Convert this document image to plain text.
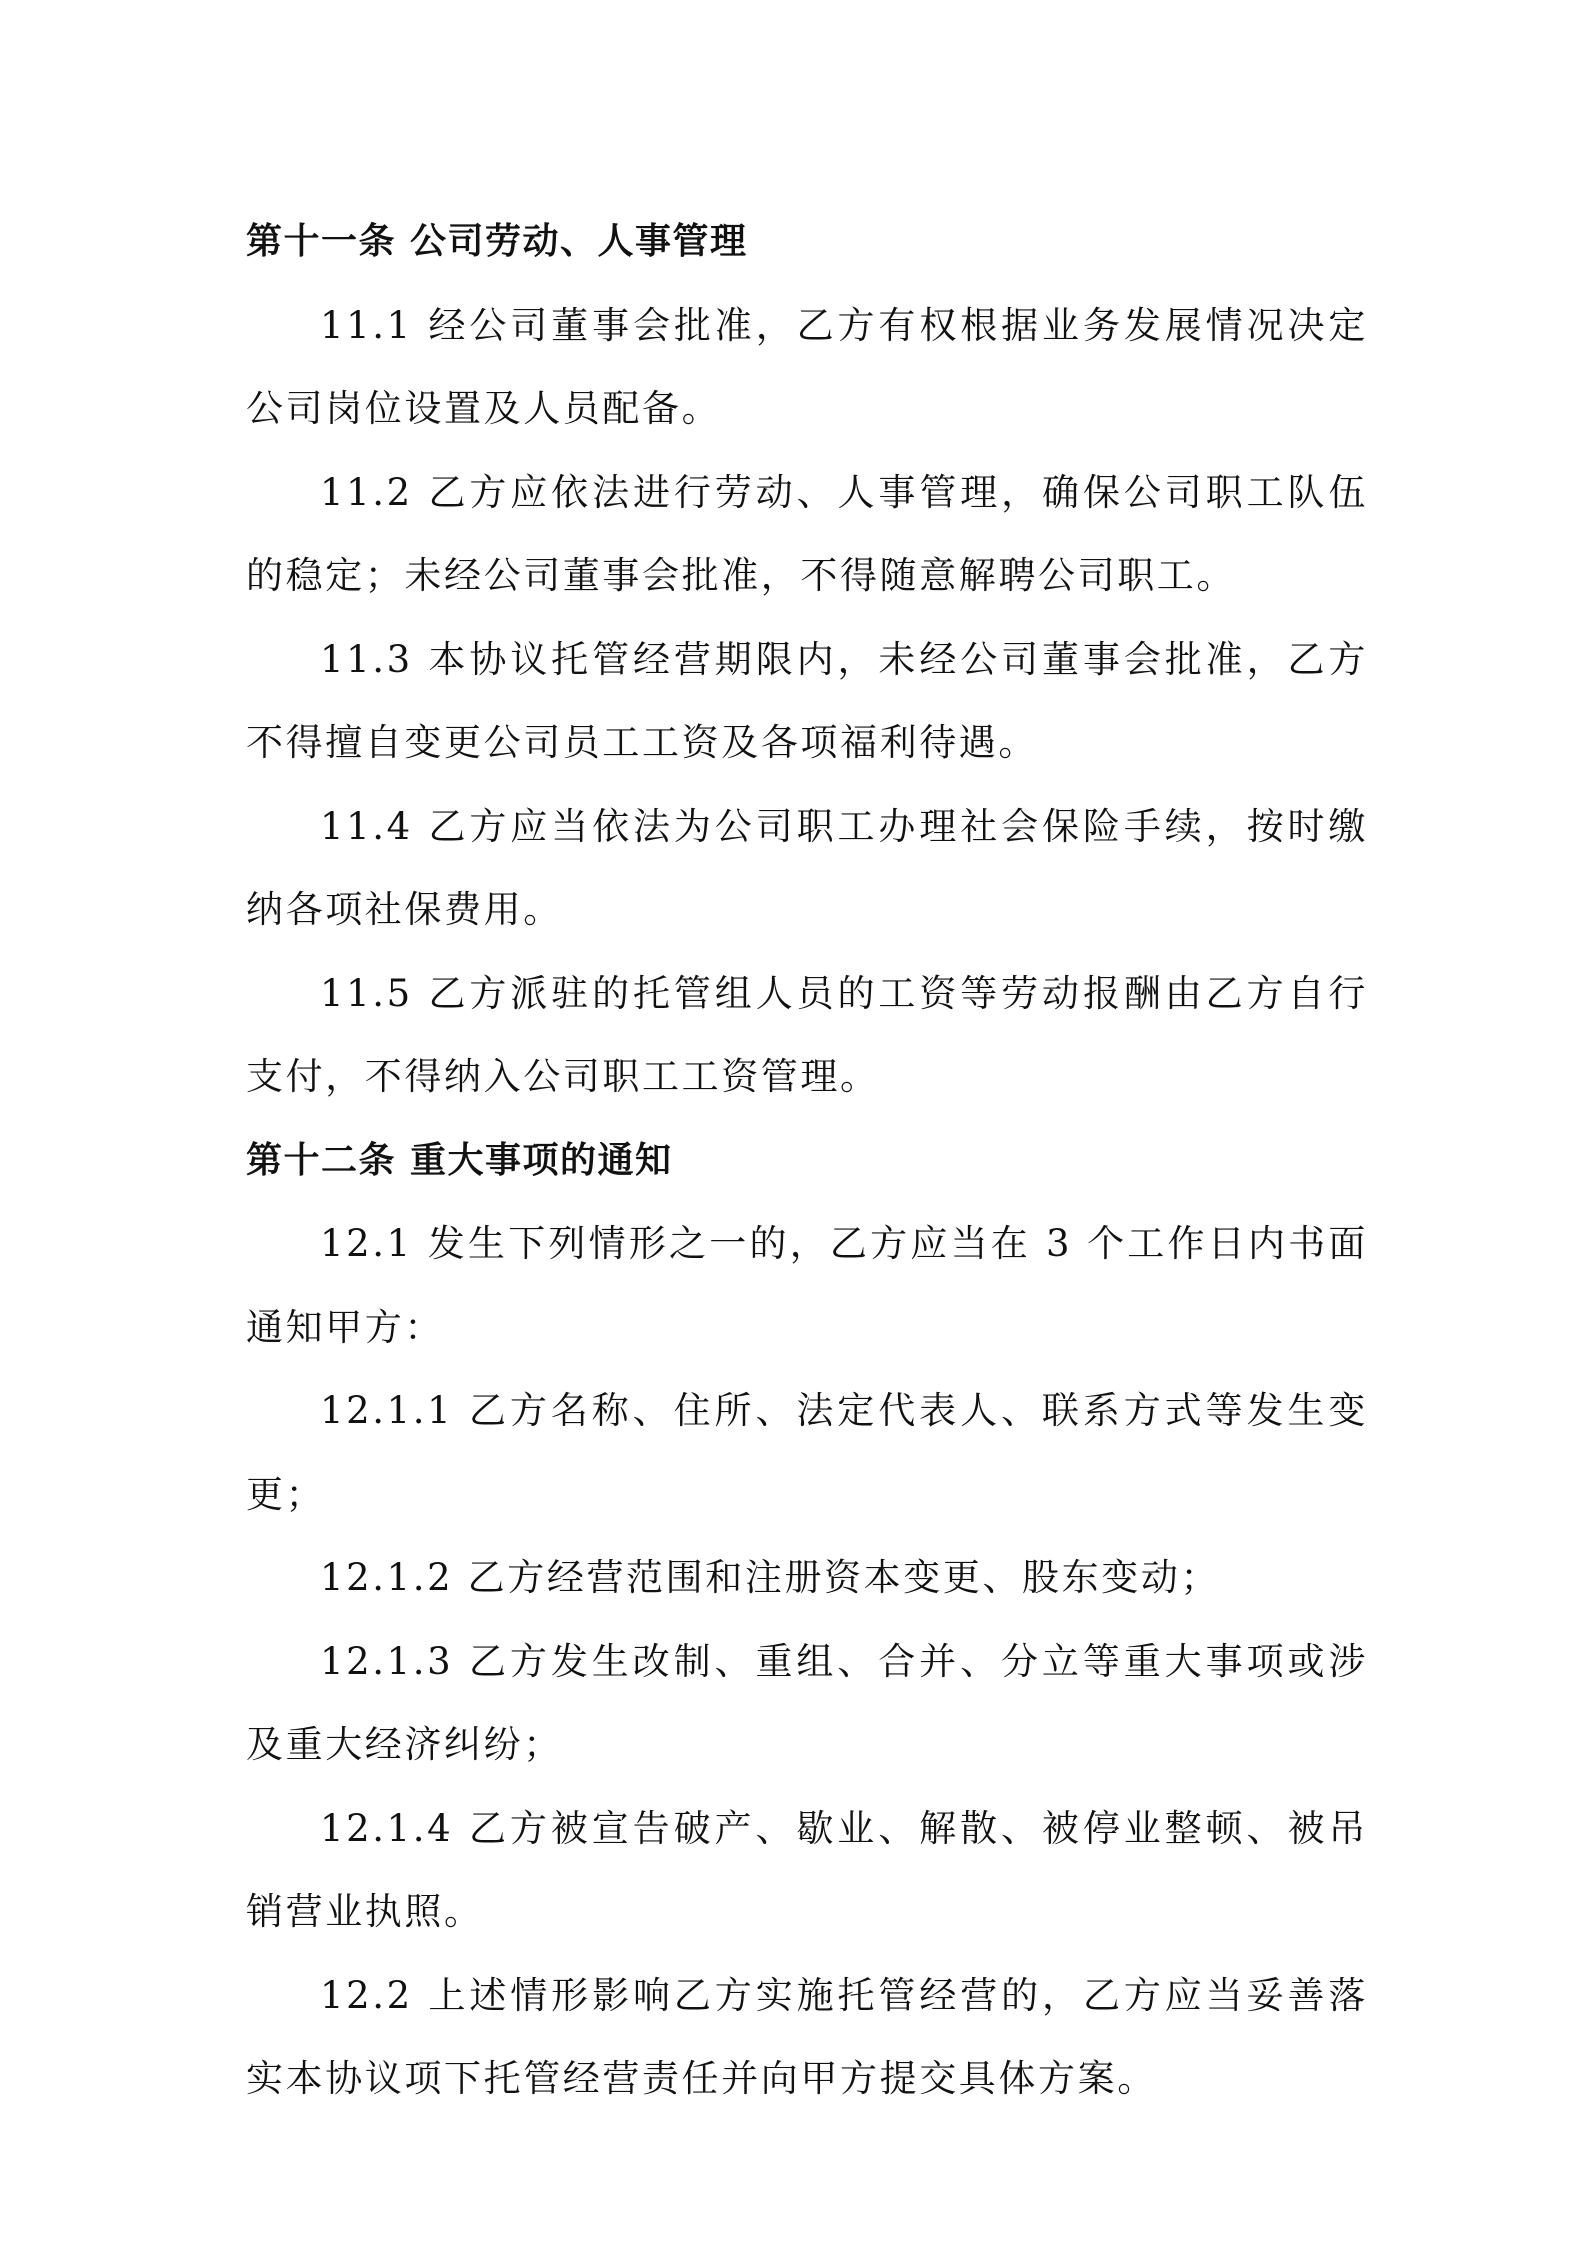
第十一条 公司劳动、人事管理

11.1 经公司董事会批准，乙方有权根据业务发展情况决定公司岗位设置及人员配备。

11.2 乙方应依法进行劳动、人事管理，确保公司职工队伍的稳定；未经公司董事会批准，不得随意解聘公司职工。

11.3 本协议托管经营期限内，未经公司董事会批准，乙方不得擅自变更公司员工工资及各项福利待遇。

11.4 乙方应当依法为公司职工办理社会保险手续，按时缴纳各项社保费用。

11.5 乙方派驻的托管组人员的工资等劳动报酬由乙方自行支付，不得纳入公司职工工资管理。

第十二条 重大事项的通知

12.1 发生下列情形之一的，乙方应当在 3 个工作日内书面通知甲方：

12.1.1 乙方名称、住所、法定代表人、联系方式等发生变更；

12.1.2 乙方经营范围和注册资本变更、股东变动；

12.1.3 乙方发生改制、重组、合并、分立等重大事项或涉及重大经济纠纷；

12.1.4 乙方被宣告破产、歇业、解散、被停业整顿、被吊销营业执照。

12.2 上述情形影响乙方实施托管经营的，乙方应当妥善落实本协议项下托管经营责任并向甲方提交具体方案。
